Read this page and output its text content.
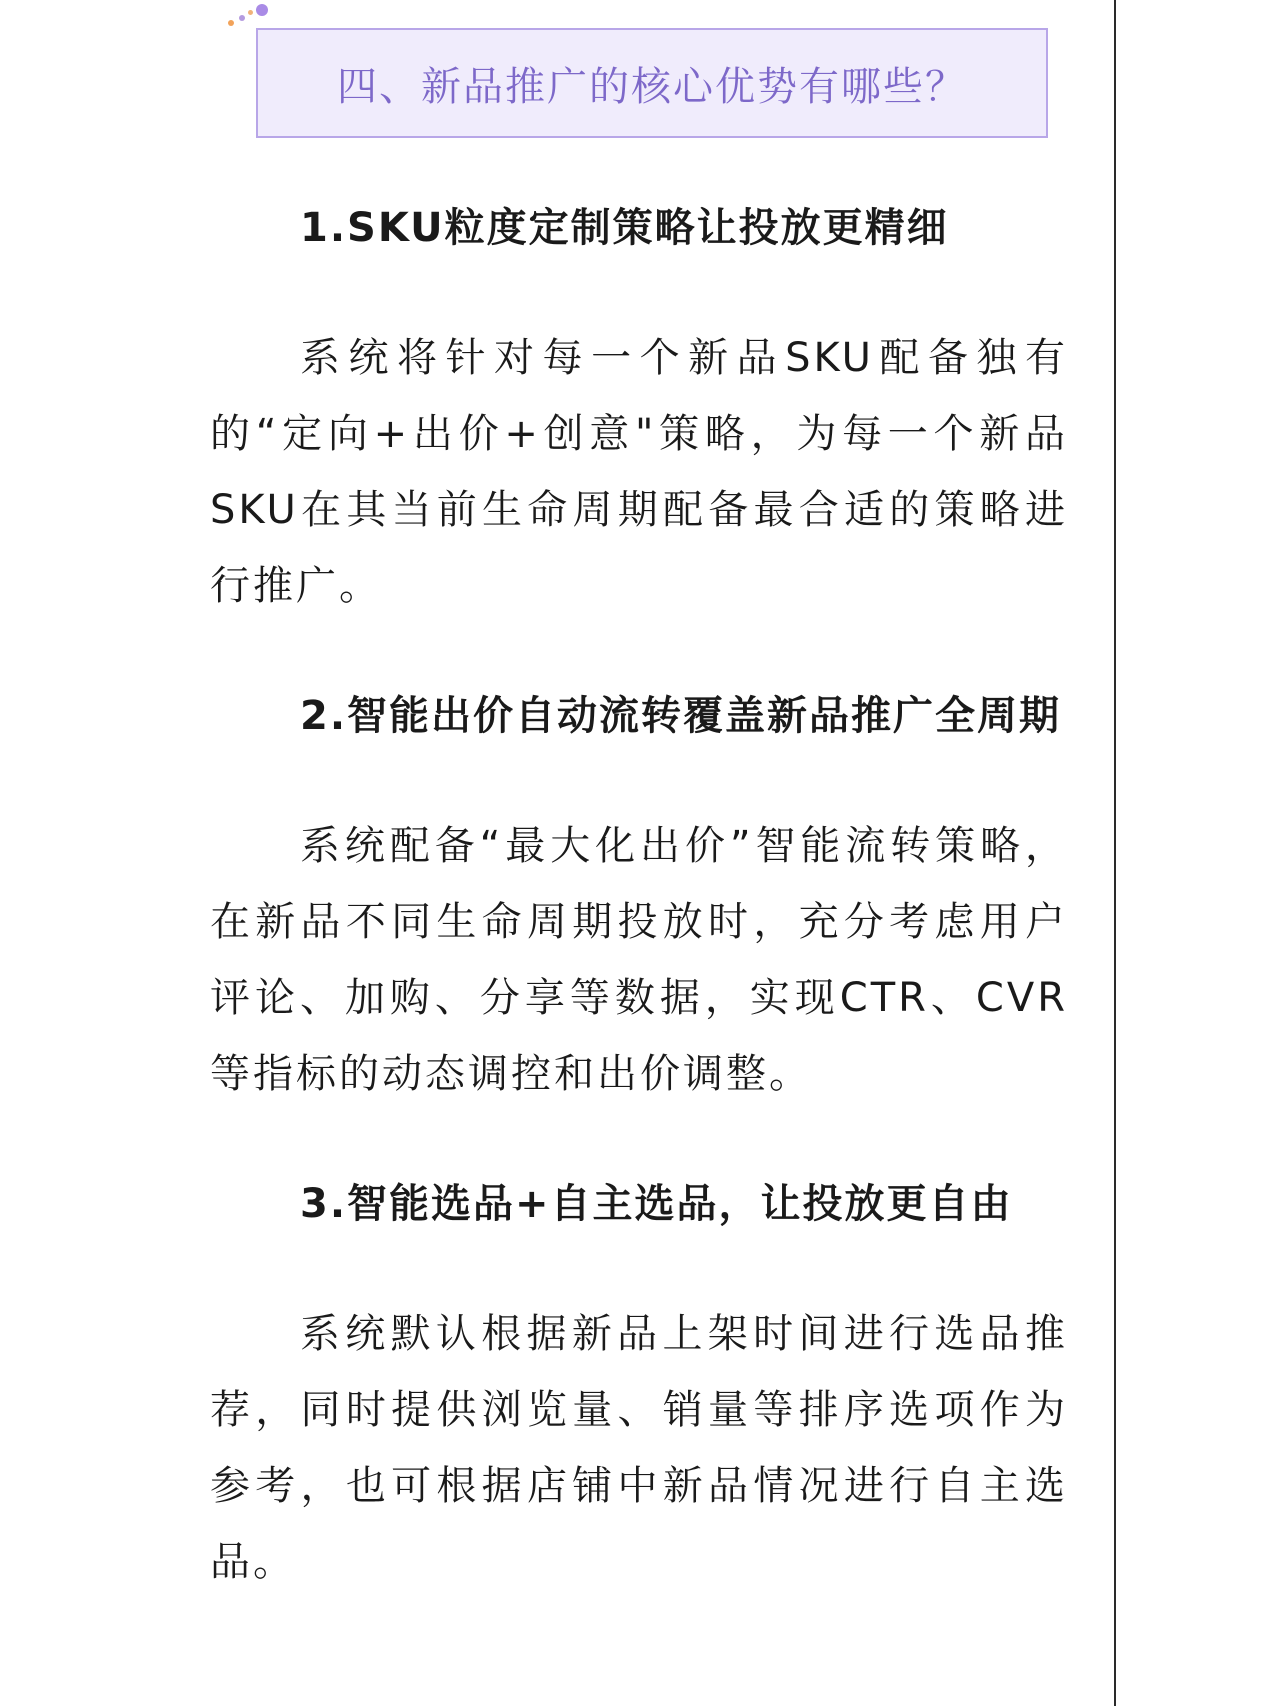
四、新品推广的核心优势有哪些？

1.SKU粒度定制策略让投放更精细

系统将针对每一个新品SKU配备独有的“定向+出价+创意"策略，为每一个新品SKU在其当前生命周期配备最合适的策略进行推广。

2.智能出价自动流转覆盖新品推广全周期

系统配备“最大化出价”智能流转策略，在新品不同生命周期投放时，充分考虑用户评论、加购、分享等数据，实现CTR、CVR等指标的动态调控和出价调整。

3.智能选品+自主选品，让投放更自由

系统默认根据新品上架时间进行选品推荐，同时提供浏览量、销量等排序选项作为参考，也可根据店铺中新品情况进行自主选品。
